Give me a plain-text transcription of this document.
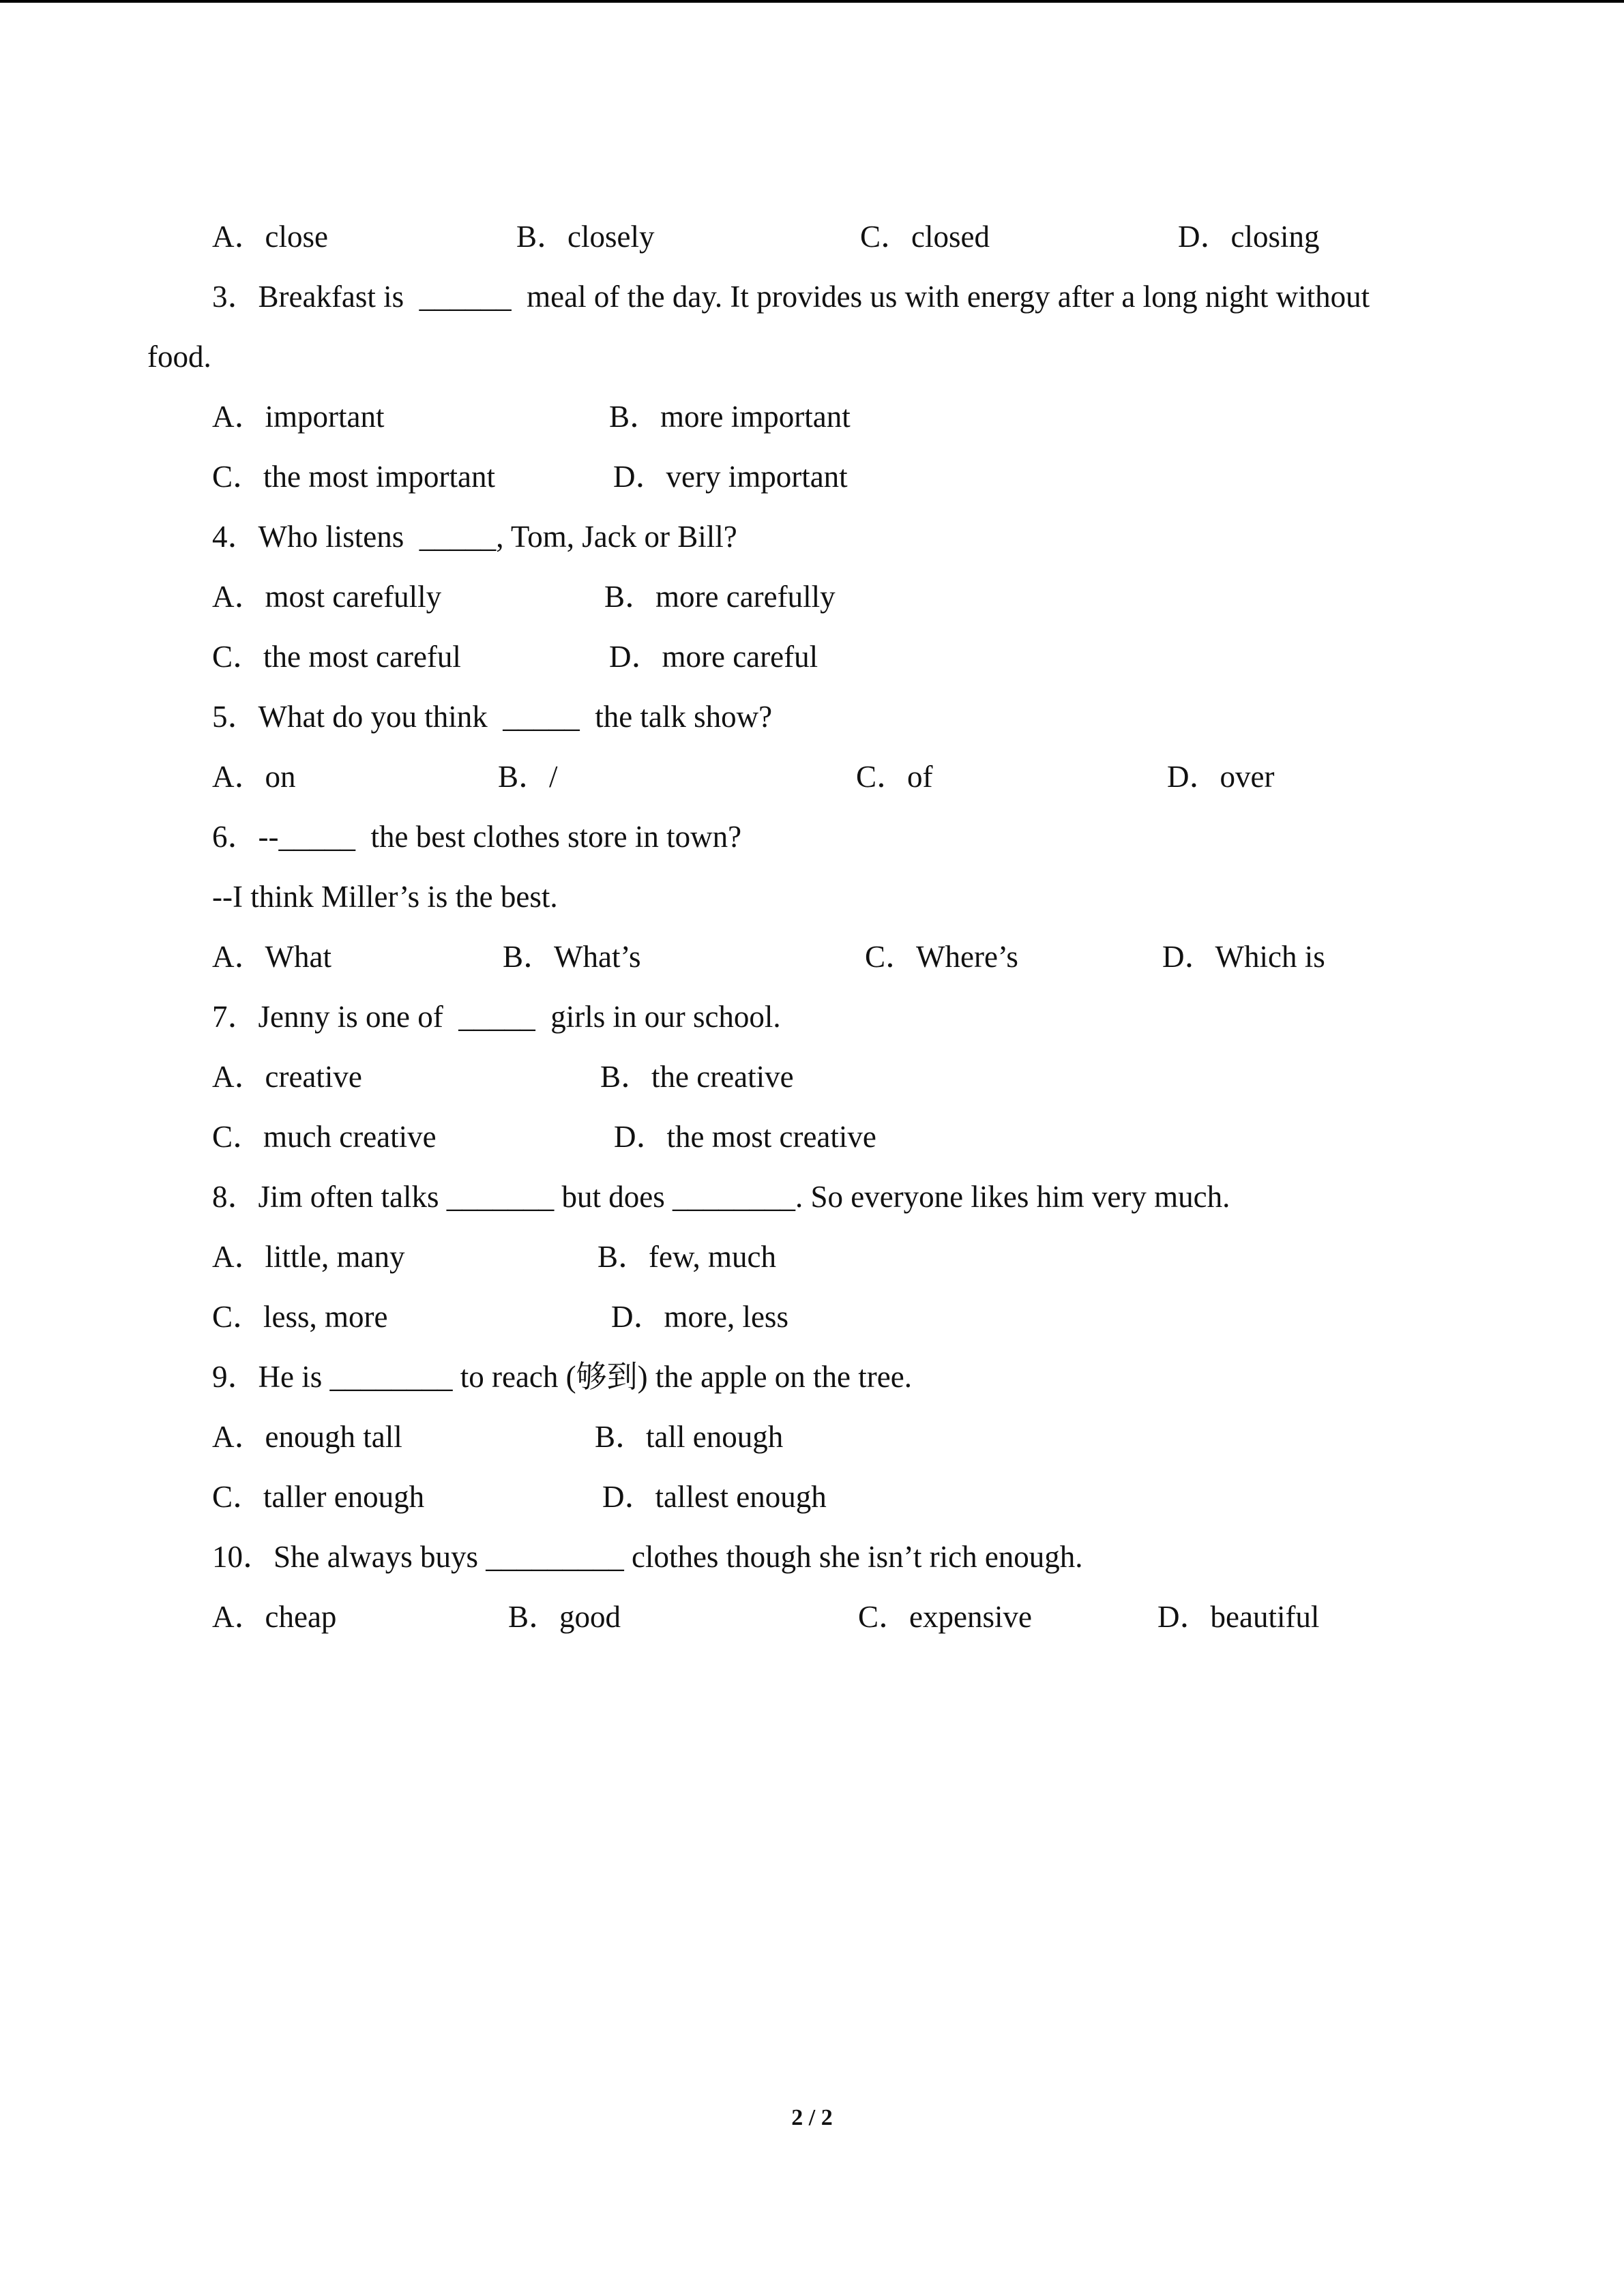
A．close	B．closely	C．closed	D．closing
3．Breakfast is  ______  meal of the day. It provides us with energy after a long night without
food.
A．important	B．more important
C．the most important	D．very important
4．Who listens  _____, Tom, Jack or Bill?
A．most carefully	B．more carefully
C．the most careful	D．more careful
5．What do you think  _____  the talk show?
A．on	B．/	C．of	D．over
6．--_____  the best clothes store in town?
--I think Miller’s is the best.
A．What	B．What’s	C．Where’s	D．Which is
7．Jenny is one of  _____  girls in our school.
A．creative	B．the creative
C．much creative	D．the most creative
8．Jim often talks _______ but does ________. So everyone likes him very much.
A．little, many	B．few, much
C．less, more	D．more, less
9．He is ________ to reach (够到) the apple on the tree.
A．enough tall	B．tall enough
C．taller enough	D．tallest enough
10．She always buys _________ clothes though she isn’t rich enough.
A．cheap	B．good	C．expensive	D．beautiful
2 / 2
